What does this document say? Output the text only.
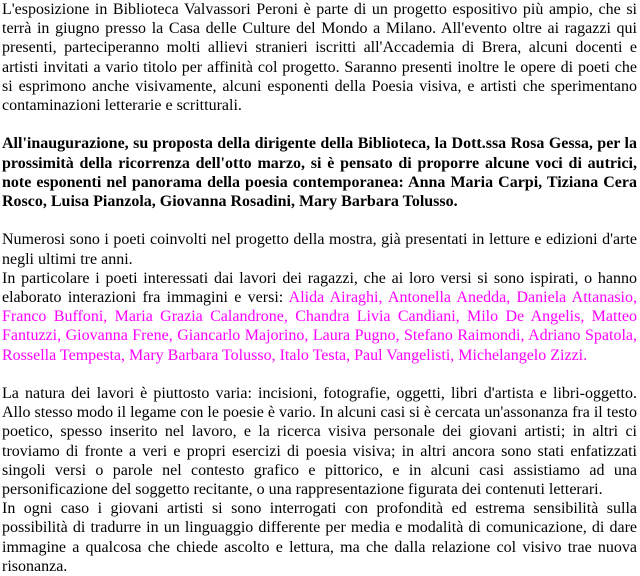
L'esposizione in Biblioteca Valvassori Peroni è parte di un progetto espositivo più ampio, che si terrà in giugno presso la Casa delle Culture del Mondo a Milano. All'evento oltre ai ragazzi qui presenti, parteciperanno molti allievi stranieri iscritti all'Accademia di Brera, alcuni docenti e artisti invitati a vario titolo per affinità col progetto. Saranno presenti inoltre le opere di poeti che si esprimono anche visivamente, alcuni esponenti della Poesia visiva, e artisti che sperimentano contaminazioni letterarie e scritturali.

All'inaugurazione, su proposta della dirigente della Biblioteca, la Dott.ssa Rosa Gessa, per la prossimità della ricorrenza dell'otto marzo, si è pensato di proporre alcune voci di autrici, note esponenti nel panorama della poesia contemporanea: Anna Maria Carpi, Tiziana Cera Rosco, Luisa Pianzola, Giovanna Rosadini, Mary Barbara Tolusso.

Numerosi sono i poeti coinvolti nel progetto della mostra, già presentati in letture e edizioni d'arte negli ultimi tre anni.

In particolare i poeti interessati dai lavori dei ragazzi, che ai loro versi si sono ispirati, o hanno elaborato interazioni fra immagini e versi: Alida Airaghi, Antonella Anedda, Daniela Attanasio, Franco Buffoni, Maria Grazia Calandrone, Chandra Livia Candiani, Milo De Angelis, Matteo Fantuzzi, Giovanna Frene, Giancarlo Majorino, Laura Pugno, Stefano Raimondi, Adriano Spatola, Rossella Tempesta, Mary Barbara Tolusso, Italo Testa, Paul Vangelisti, Michelangelo Zizzi.

La natura dei lavori è piuttosto varia: incisioni, fotografie, oggetti, libri d'artista e libri-oggetto. Allo stesso modo il legame con le poesie è vario. In alcuni casi si è cercata un'assonanza fra il testo poetico, spesso inserito nel lavoro, e la ricerca visiva personale dei giovani artisti; in altri ci troviamo di fronte a veri e propri esercizi di poesia visiva; in altri ancora sono stati enfatizzati singoli versi o parole nel contesto grafico e pittorico, e in alcuni casi assistiamo ad una personificazione del soggetto recitante, o una rappresentazione figurata dei contenuti letterari.

In ogni caso i giovani artisti si sono interrogati con profondità ed estrema sensibilità sulla possibilità di tradurre in un linguaggio differente per media e modalità di comunicazione, di dare immagine a qualcosa che chiede ascolto e lettura, ma che dalla relazione col visivo trae nuova risonanza.
